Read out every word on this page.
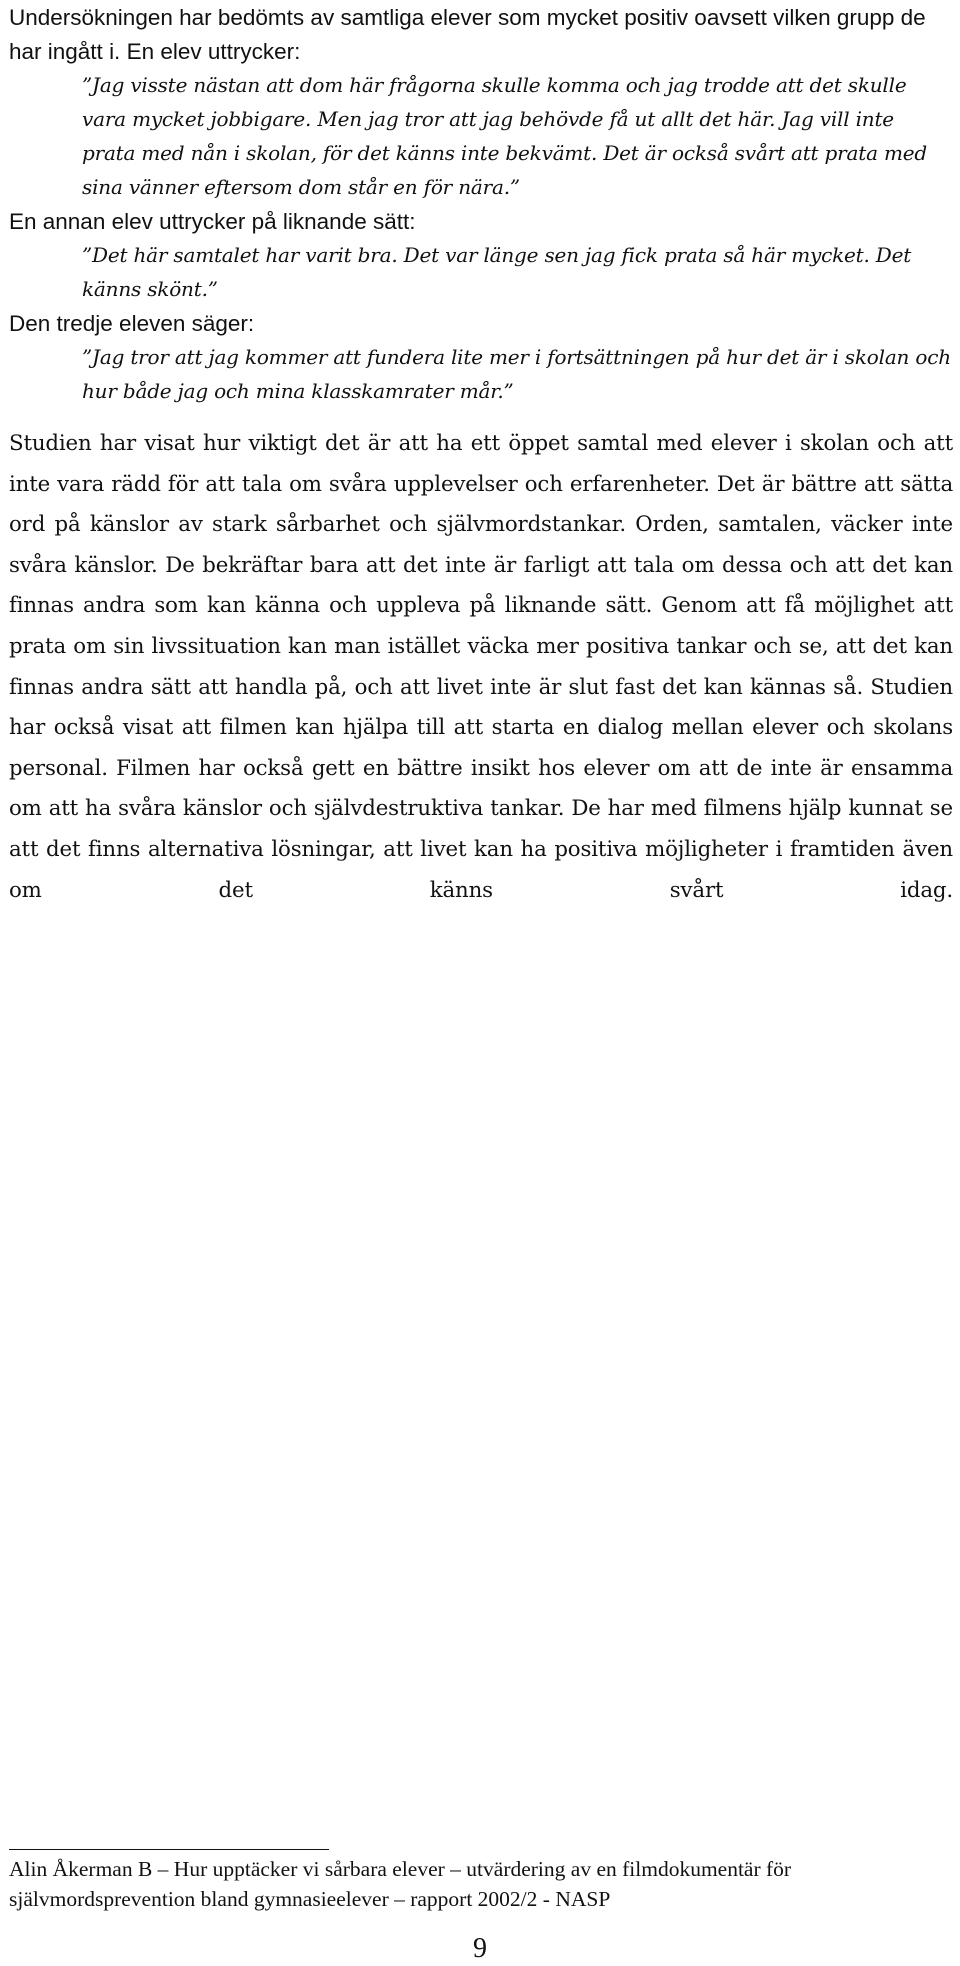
Undersökningen har bedömts av samtliga elever som mycket positiv oavsett vilken grupp de har ingått i. En elev uttrycker:

”Jag visste nästan att dom här frågorna skulle komma och jag trodde att det skulle vara mycket jobbigare. Men jag tror att jag behövde få ut allt det här. Jag vill inte prata med nån i skolan, för det känns inte bekvämt. Det är också svårt att prata med sina vänner eftersom dom står en för nära.”

En annan elev uttrycker på liknande sätt:

”Det här samtalet har varit bra. Det var länge sen jag fick prata så här mycket. Det känns skönt.”

Den tredje eleven säger:

”Jag tror att jag kommer att fundera lite mer i fortsättningen på hur det är i skolan och hur både jag och mina klasskamrater mår.”

Studien har visat hur viktigt det är att ha ett öppet samtal med elever i skolan och att inte vara rädd för att tala om svåra upplevelser och erfarenheter. Det är bättre att sätta ord på känslor av stark sårbarhet och självmordstankar. Orden, samtalen, väcker inte svåra känslor. De bekräftar bara att det inte är farligt att tala om dessa och att det kan finnas andra som kan känna och uppleva på liknande sätt. Genom att få möjlighet att prata om sin livssituation kan man istället väcka mer positiva tankar och se, att det kan finnas andra sätt att handla på, och att livet inte är slut fast det kan kännas så. Studien har också visat att filmen kan hjälpa till att starta en dialog mellan elever och skolans personal. Filmen har också gett en bättre insikt hos elever om att de inte är ensamma om att ha svåra känslor och självdestruktiva tankar. De har med filmens hjälp kunnat se att det finns alternativa lösningar, att livet kan ha positiva möjligheter i framtiden även om det känns svårt idag.

Alin Åkerman B – Hur upptäcker vi sårbara elever – utvärdering av en filmdokumentär för
självmordsprevention bland gymnasieelever – rapport 2002/2 - NASP
9
